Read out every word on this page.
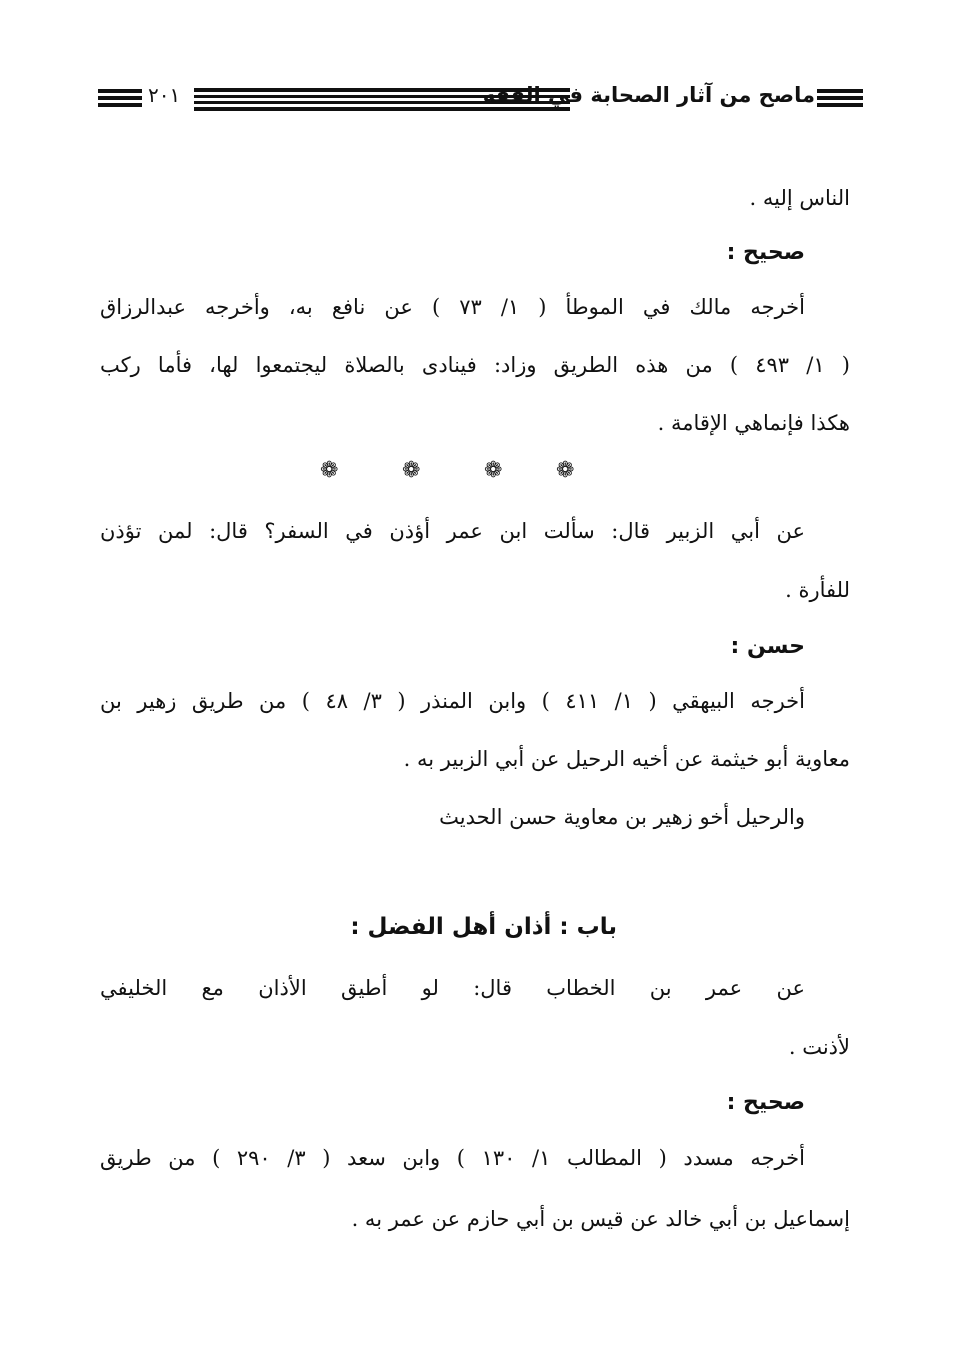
ماصح من آثار الصحابة في الفقه
٢٠١
الناس إليه .
صحيح :
أخرجه مالك في الموطأ ( ١/ ٧٣ ) عن نافع به، وأخرجه عبدالرزاق
( ١/ ٤٩٣ ) من هذه الطريق وزاد: فينادى بالصلاة ليجتمعوا لها، فأما ركب
هكذا فإنماهي الإقامة .
❁	❁	❁ ❁
عن أبي الزبير قال: سألت ابن عمر أؤذن في السفر؟ قال: لمن تؤذن
للفأرة .
حسن :
أخرجه البيهقي ( ١/ ٤١١ ) وابن المنذر ( ٣/ ٤٨ ) من طريق زهير بن
معاوية أبو خيثمة عن أخيه الرحيل عن أبي الزبير به .
والرحيل أخو زهير بن معاوية حسن الحديث
باب : أذان أهل الفضل :
عن عمر بن الخطاب قال: لو أطيق الأذان مع الخليفي
لأذنت .
صحيح :
أخرجه مسدد ( المطالب ١/ ١٣٠ ) وابن سعد ( ٣/ ٢٩٠ ) من طريق
إسماعيل بن أبي خالد عن قيس بن أبي حازم عن عمر به .
